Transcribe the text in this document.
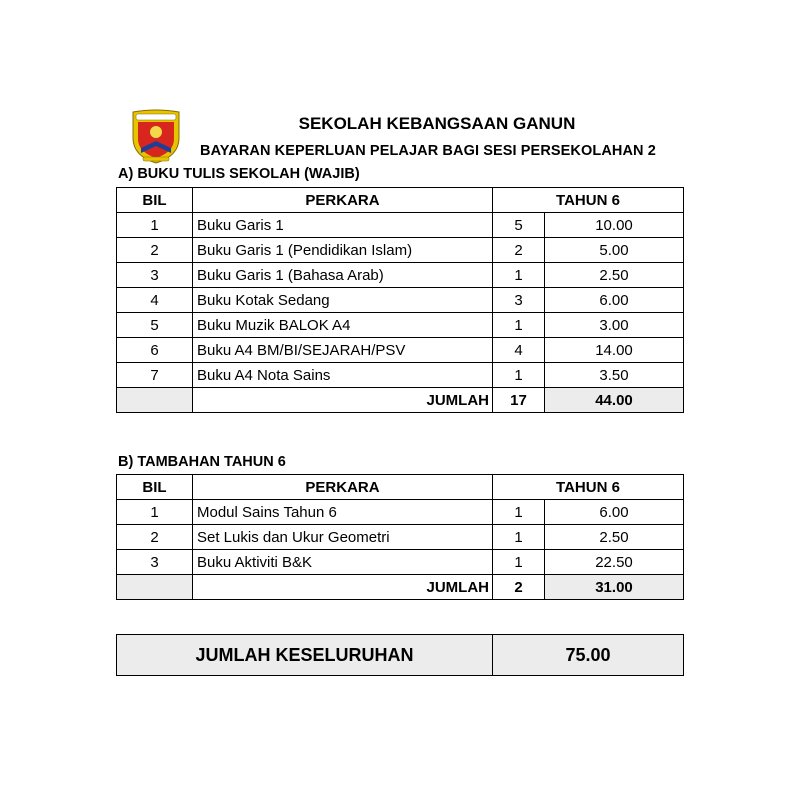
SEKOLAH KEBANGSAAN GANUN
BAYARAN KEPERLUAN PELAJAR BAGI SESI PERSEKOLAHAN 2
A) BUKU TULIS SEKOLAH (WAJIB)
BIL	PERKARA	TAHUN 6	
1	Buku Garis 1	5	10.00
2	Buku Garis 1 (Pendidikan Islam)	2	5.00
3	Buku Garis 1 (Bahasa Arab)	1	2.50
4	Buku Kotak Sedang	3	6.00
5	Buku Muzik BALOK A4	1	3.00
6	Buku A4 BM/BI/SEJARAH/PSV	4	14.00
7	Buku A4 Nota Sains	1	3.50
	JUMLAH	17	44.00
B) TAMBAHAN TAHUN 6
BIL	PERKARA	TAHUN 6	
1	Modul Sains Tahun 6	1	6.00
2	Set Lukis dan Ukur Geometri	1	2.50
3	Buku Aktiviti B&K	1	22.50
	JUMLAH	2	31.00
JUMLAH KESELURUHAN	75.00
